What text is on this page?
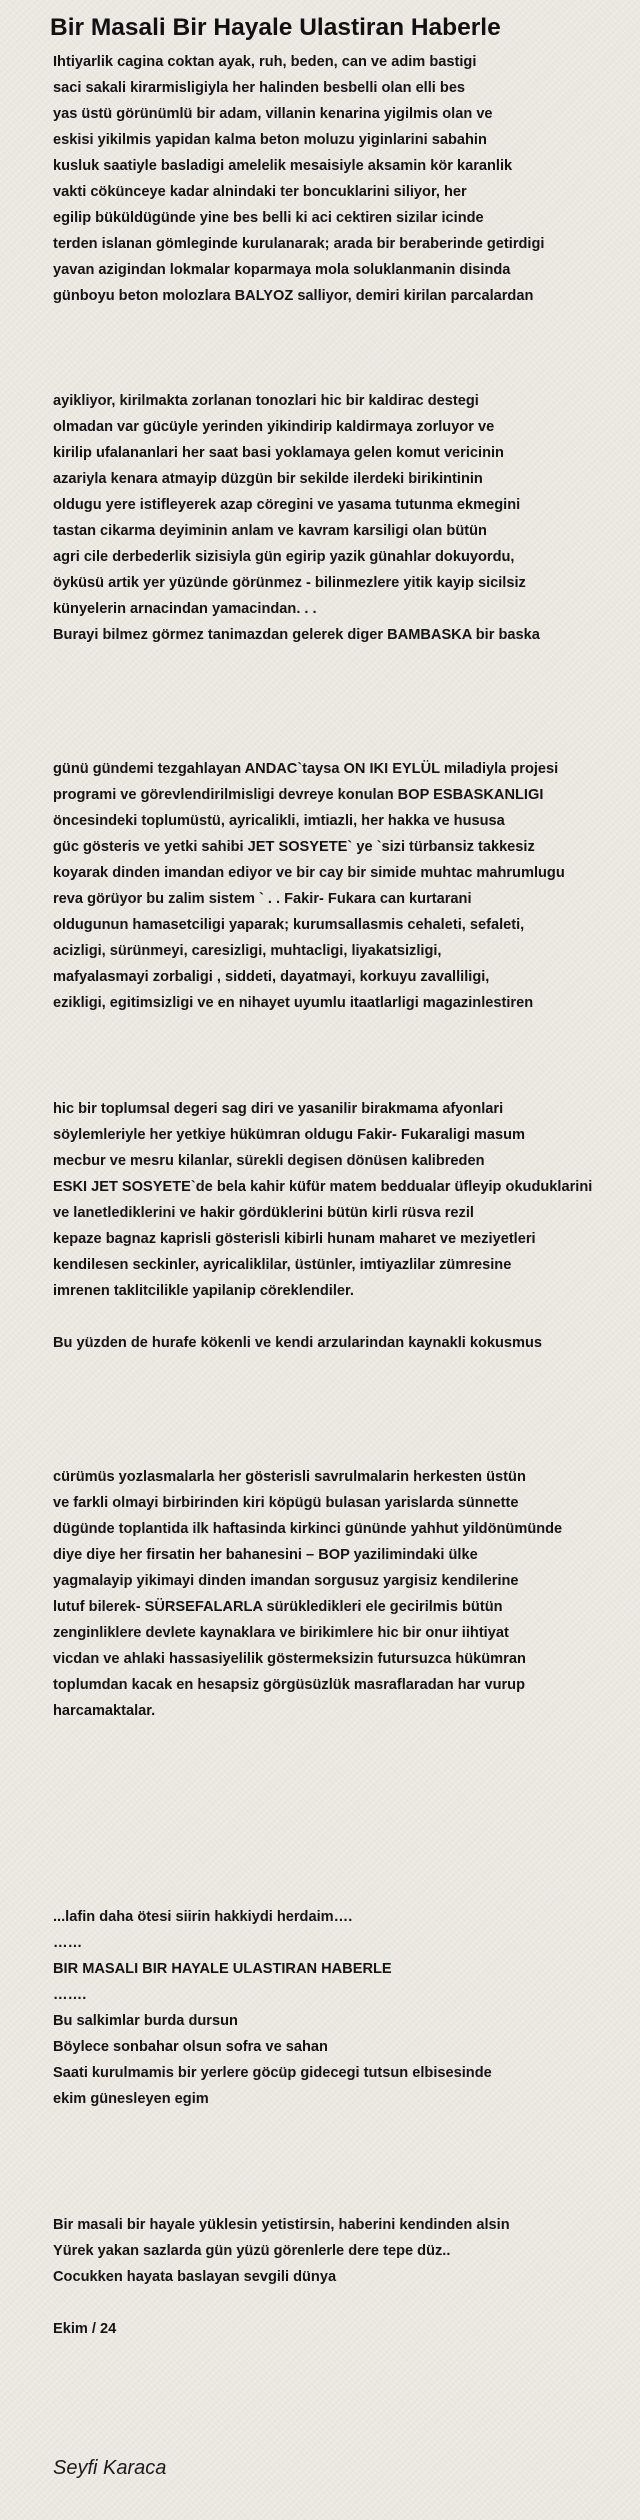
Bir Masali Bir Hayale Ulastiran Haberle
Ihtiyarlik cagina coktan ayak, ruh, beden, can ve adim bastigi
saci sakali kirarmisligiyla her halinden besbelli olan elli bes
yas üstü görünümlü bir adam, villanin kenarina yigilmis olan ve
eskisi yikilmis yapidan kalma beton moluzu yiginlarini sabahin
kusluk saatiyle basladigi amelelik mesaisiyle aksamin kör karanlik
vakti cökünceye kadar alnindaki ter boncuklarini siliyor, her
egilip büküldügünde yine bes belli ki aci cektiren sizilar icinde
terden islanan gömleginde kurulanarak; arada bir beraberinde getirdigi
yavan azigindan lokmalar koparmaya mola soluklanmanin disinda
günboyu beton molozlara BALYOZ salliyor, demiri kirilan parcalardan
ayikliyor, kirilmakta zorlanan tonozlari hic bir kaldirac destegi
olmadan var gücüyle yerinden yikindirip kaldirmaya zorluyor ve
kirilip ufalananlari her saat basi yoklamaya gelen komut vericinin
azariyla kenara atmayip düzgün bir sekilde ilerdeki birikintinin
oldugu yere istifleyerek azap cöregini ve yasama tutunma ekmegini
tastan cikarma deyiminin anlam ve kavram karsiligi olan bütün
agri cile derbederlik sizisiyla gün egirip yazik günahlar dokuyordu,
öyküsü artik yer yüzünde görünmez - bilinmezlere yitik kayip sicilsiz
künyelerin arnacindan yamacindan. . .
Burayi bilmez görmez tanimazdan gelerek diger BAMBASKA bir baska
günü gündemi tezgahlayan ANDAC`taysa ON IKI EYLÜL miladiyla projesi
programi ve görevlendirilmisligi devreye konulan BOP ESBASKANLIGI
öncesindeki toplumüstü, ayricalikli, imtiazli, her hakka ve hususa
güc gösteris ve yetki sahibi JET SOSYETE` ye `sizi türbansiz takkesiz
koyarak dinden imandan ediyor ve bir cay bir simide muhtac mahrumlugu
reva görüyor bu zalim sistem ` . . Fakir- Fukara can kurtarani
oldugunun hamasetciligi yaparak; kurumsallasmis cehaleti, sefaleti,
acizligi, sürünmeyi, caresizligi, muhtacligi, liyakatsizligi,
mafyalasmayi zorbaligi , siddeti, dayatmayi, korkuyu zavalliligi,
ezikligi, egitimsizligi ve en nihayet uyumlu itaatlarligi magazinlestiren
hic bir toplumsal degeri sag diri ve yasanilir birakmama afyonlari
söylemleriyle her yetkiye hükümran oldugu Fakir- Fukaraligi masum
mecbur ve mesru kilanlar, sürekli degisen dönüsen kalibreden
ESKI JET SOSYETE`de bela kahir küfür matem beddualar üfleyip okuduklarini
ve lanetlediklerini ve hakir gördüklerini bütün kirli rüsva rezil
kepaze bagnaz kaprisli gösterisli kibirli hunam maharet ve meziyetleri
kendilesen seckinler, ayricaliklilar, üstünler, imtiyazlilar zümresine
imrenen taklitcilikle yapilanip cöreklendiler.
Bu yüzden de hurafe kökenli ve kendi arzularindan kaynakli kokusmus
cürümüs yozlasmalarla her gösterisli savrulmalarin herkesten üstün
ve farkli olmayi birbirinden kiri köpügü bulasan yarislarda sünnette
dügünde toplantida ilk haftasinda kirkinci gününde yahhut yildönümünde
diye diye her firsatin her bahanesini – BOP yazilimindaki ülke
yagmalayip yikimayi dinden imandan sorgusuz yargisiz kendilerine
lutuf bilerek- SÜRSEFALARLA sürükledikleri ele gecirilmis bütün
zenginliklere devlete kaynaklara ve birikimlere hic bir onur iihtiyat
vicdan ve ahlaki hassasiyelilik göstermeksizin futursuzca hükümran
toplumdan kacak en hesapsiz görgüsüzlük masraflaradan har vurup
harcamaktalar.
...lafin daha ötesi siirin hakkiydi herdaim….
……
BIR MASALI BIR HAYALE ULASTIRAN HABERLE
…….
Bu salkimlar burda dursun
Böylece sonbahar olsun sofra ve sahan
Saati kurulmamis bir yerlere göcüp gidecegi tutsun elbisesinde
ekim günesleyen egim
Bir masali bir hayale yüklesin yetistirsin, haberini kendinden alsin
Yürek yakan sazlarda gün yüzü görenlerle dere tepe düz..
Cocukken hayata baslayan sevgili dünya
Ekim / 24
Seyfi Karaca
